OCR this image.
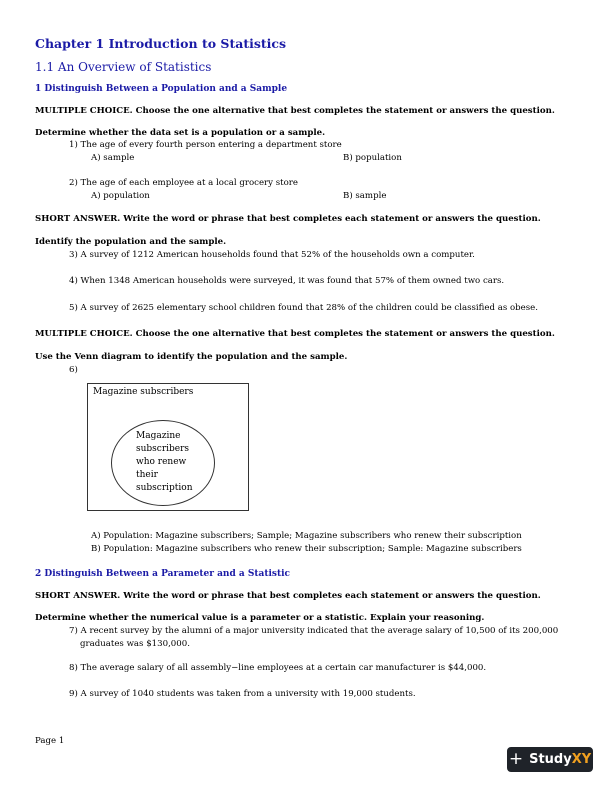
Chapter 1 Introduction to Statistics
1.1 An Overview of Statistics
1 Distinguish Between a Population and a Sample
MULTIPLE CHOICE. Choose the one alternative that best completes the statement or answers the question.
Determine whether the data set is a population or a sample.
1) The age of every fourth person entering a department store
A) sample	B) population
2) The age of each employee at a local grocery store
A) population	B) sample
SHORT ANSWER. Write the word or phrase that best completes each statement or answers the question.
Identify the population and the sample.
3) A survey of 1212 American households found that 52% of the households own a computer.
4) When 1348 American households were surveyed, it was found that 57% of them owned two cars.
5) A survey of 2625 elementary school children found that 28% of the children could be classified as obese.
MULTIPLE CHOICE. Choose the one alternative that best completes the statement or answers the question.
Use the Venn diagram to identify the population and the sample.
6)
Magazine subscribers
Magazine
subscribers
who renew
their
subscription
A) Population: Magazine subscribers; Sample; Magazine subscribers who renew their subscription
B) Population: Magazine subscribers who renew their subscription; Sample: Magazine subscribers
2 Distinguish Between a Parameter and a Statistic
SHORT ANSWER. Write the word or phrase that best completes each statement or answers the question.
Determine whether the numerical value is a parameter or a statistic. Explain your reasoning.
7) A recent survey by the alumni of a major university indicated that the average salary of 10,500 of its 200,000
graduates was $130,000.
8) The average salary of all assembly−line employees at a certain car manufacturer is $44,000.
9) A survey of 1040 students was taken from a university with 19,000 students.
Page 1
+ StudyXY
